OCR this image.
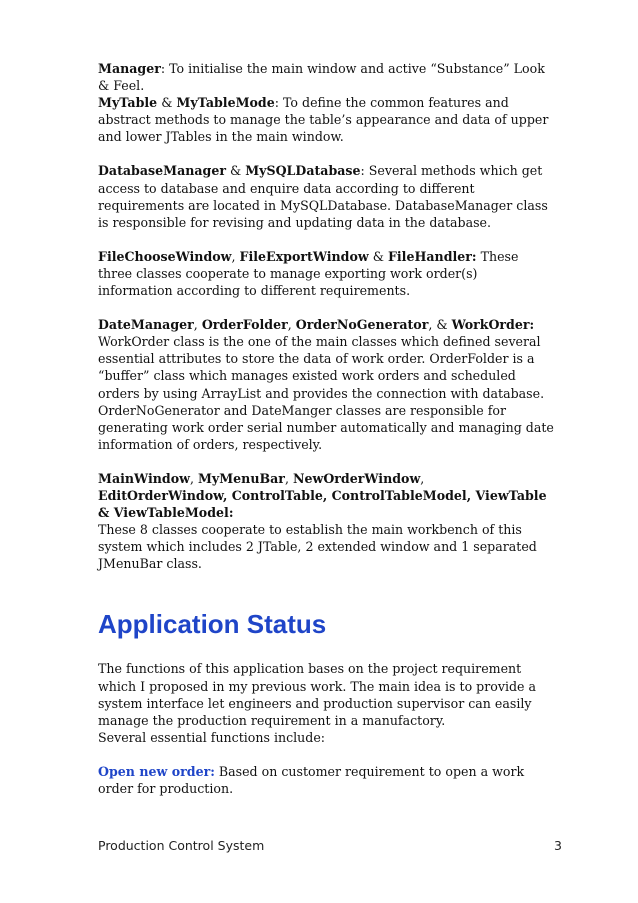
Manager: To initialise the main window and active “Substance” Look & Feel.
MyTable & MyTableMode: To define the common features and abstract methods to manage the table’s appearance and data of upper and lower JTables in the main window.

DatabaseManager & MySQLDatabase: Several methods which get access to database and enquire data according to different requirements are located in MySQLDatabase. DatabaseManager class is responsible for revising and updating data in the database.

FileChooseWindow, FileExportWindow & FileHandler: These three classes cooperate to manage exporting work order(s) information according to different requirements.

DateManager, OrderFolder, OrderNoGenerator, & WorkOrder:
WorkOrder class is the one of the main classes which defined several essential attributes to store the data of work order. OrderFolder is a “buffer” class which manages existed work orders and scheduled orders by using ArrayList and provides the connection with database. OrderNoGenerator and DateManger classes are responsible for generating work order serial number automatically and managing date information of orders, respectively.

MainWindow, MyMenuBar, NewOrderWindow,
EditOrderWindow, ControlTable, ControlTableModel, ViewTable
& ViewTableModel:
These 8 classes cooperate to establish the main workbench of this system which includes 2 JTable, 2 extended window and 1 separated JMenuBar class.

Application Status

The functions of this application bases on the project requirement which I proposed in my previous work. The main idea is to provide a system interface let engineers and production supervisor can easily manage the production requirement in a manufactory.
Several essential functions include:

Open new order: Based on customer requirement to open a work order for production.

Production Control System	3
